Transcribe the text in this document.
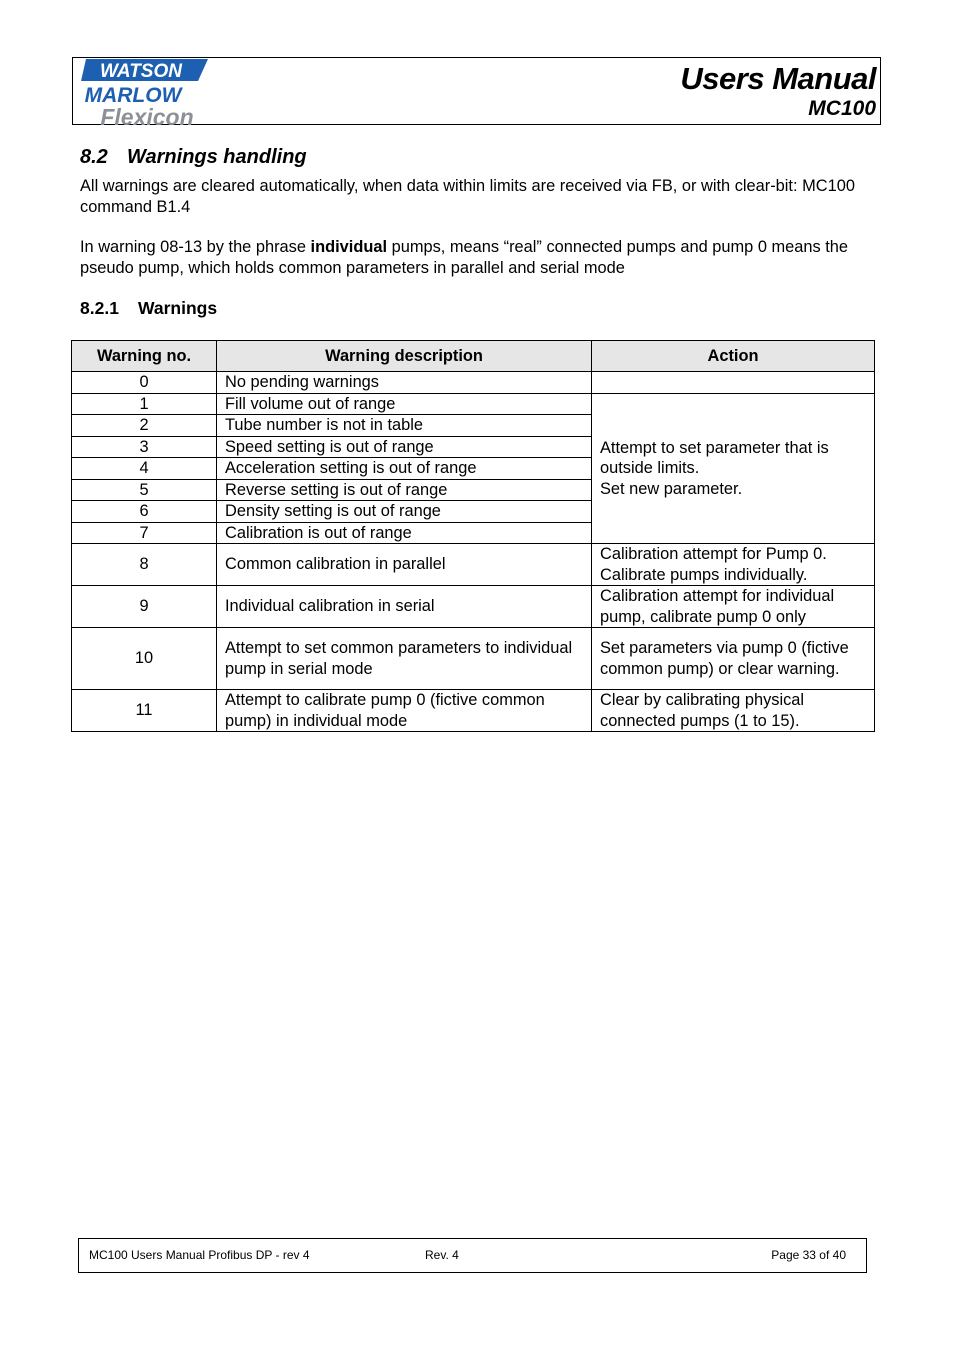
WATSON
MARLOW
Flexicon
Users Manual
MC100
8.2 Warnings handling

All warnings are cleared automatically, when data within limits are received via FB, or with clear-bit: MC100 command B1.4

In warning 08-13 by the phrase individual pumps, means “real” connected pumps and pump 0 means the pseudo pump, which holds common parameters in parallel and serial mode

8.2.1 Warnings
Warning no.	Warning description	Action
0	No pending warnings	
1	Fill volume out of range	Attempt to set parameter that is outside limits.
Set new parameter.
2	Tube number is not in table	
3	Speed setting is out of range	
4	Acceleration setting is out of range	
5	Reverse setting is out of range	
6	Density setting is out of range	
7	Calibration is out of range	
8	Common calibration in parallel	Calibration attempt for Pump 0. Calibrate pumps individually.
9	Individual calibration in serial	Calibration attempt for individual pump, calibrate pump 0 only
10	Attempt to set common parameters to individual pump in serial mode	Set parameters via pump 0 (fictive common pump) or clear warning.
11	Attempt to calibrate pump 0 (fictive common pump) in individual mode	Clear by calibrating physical connected pumps (1 to 15).
MC100 Users Manual Profibus DP - rev 4	Rev. 4	Page 33 of 40
